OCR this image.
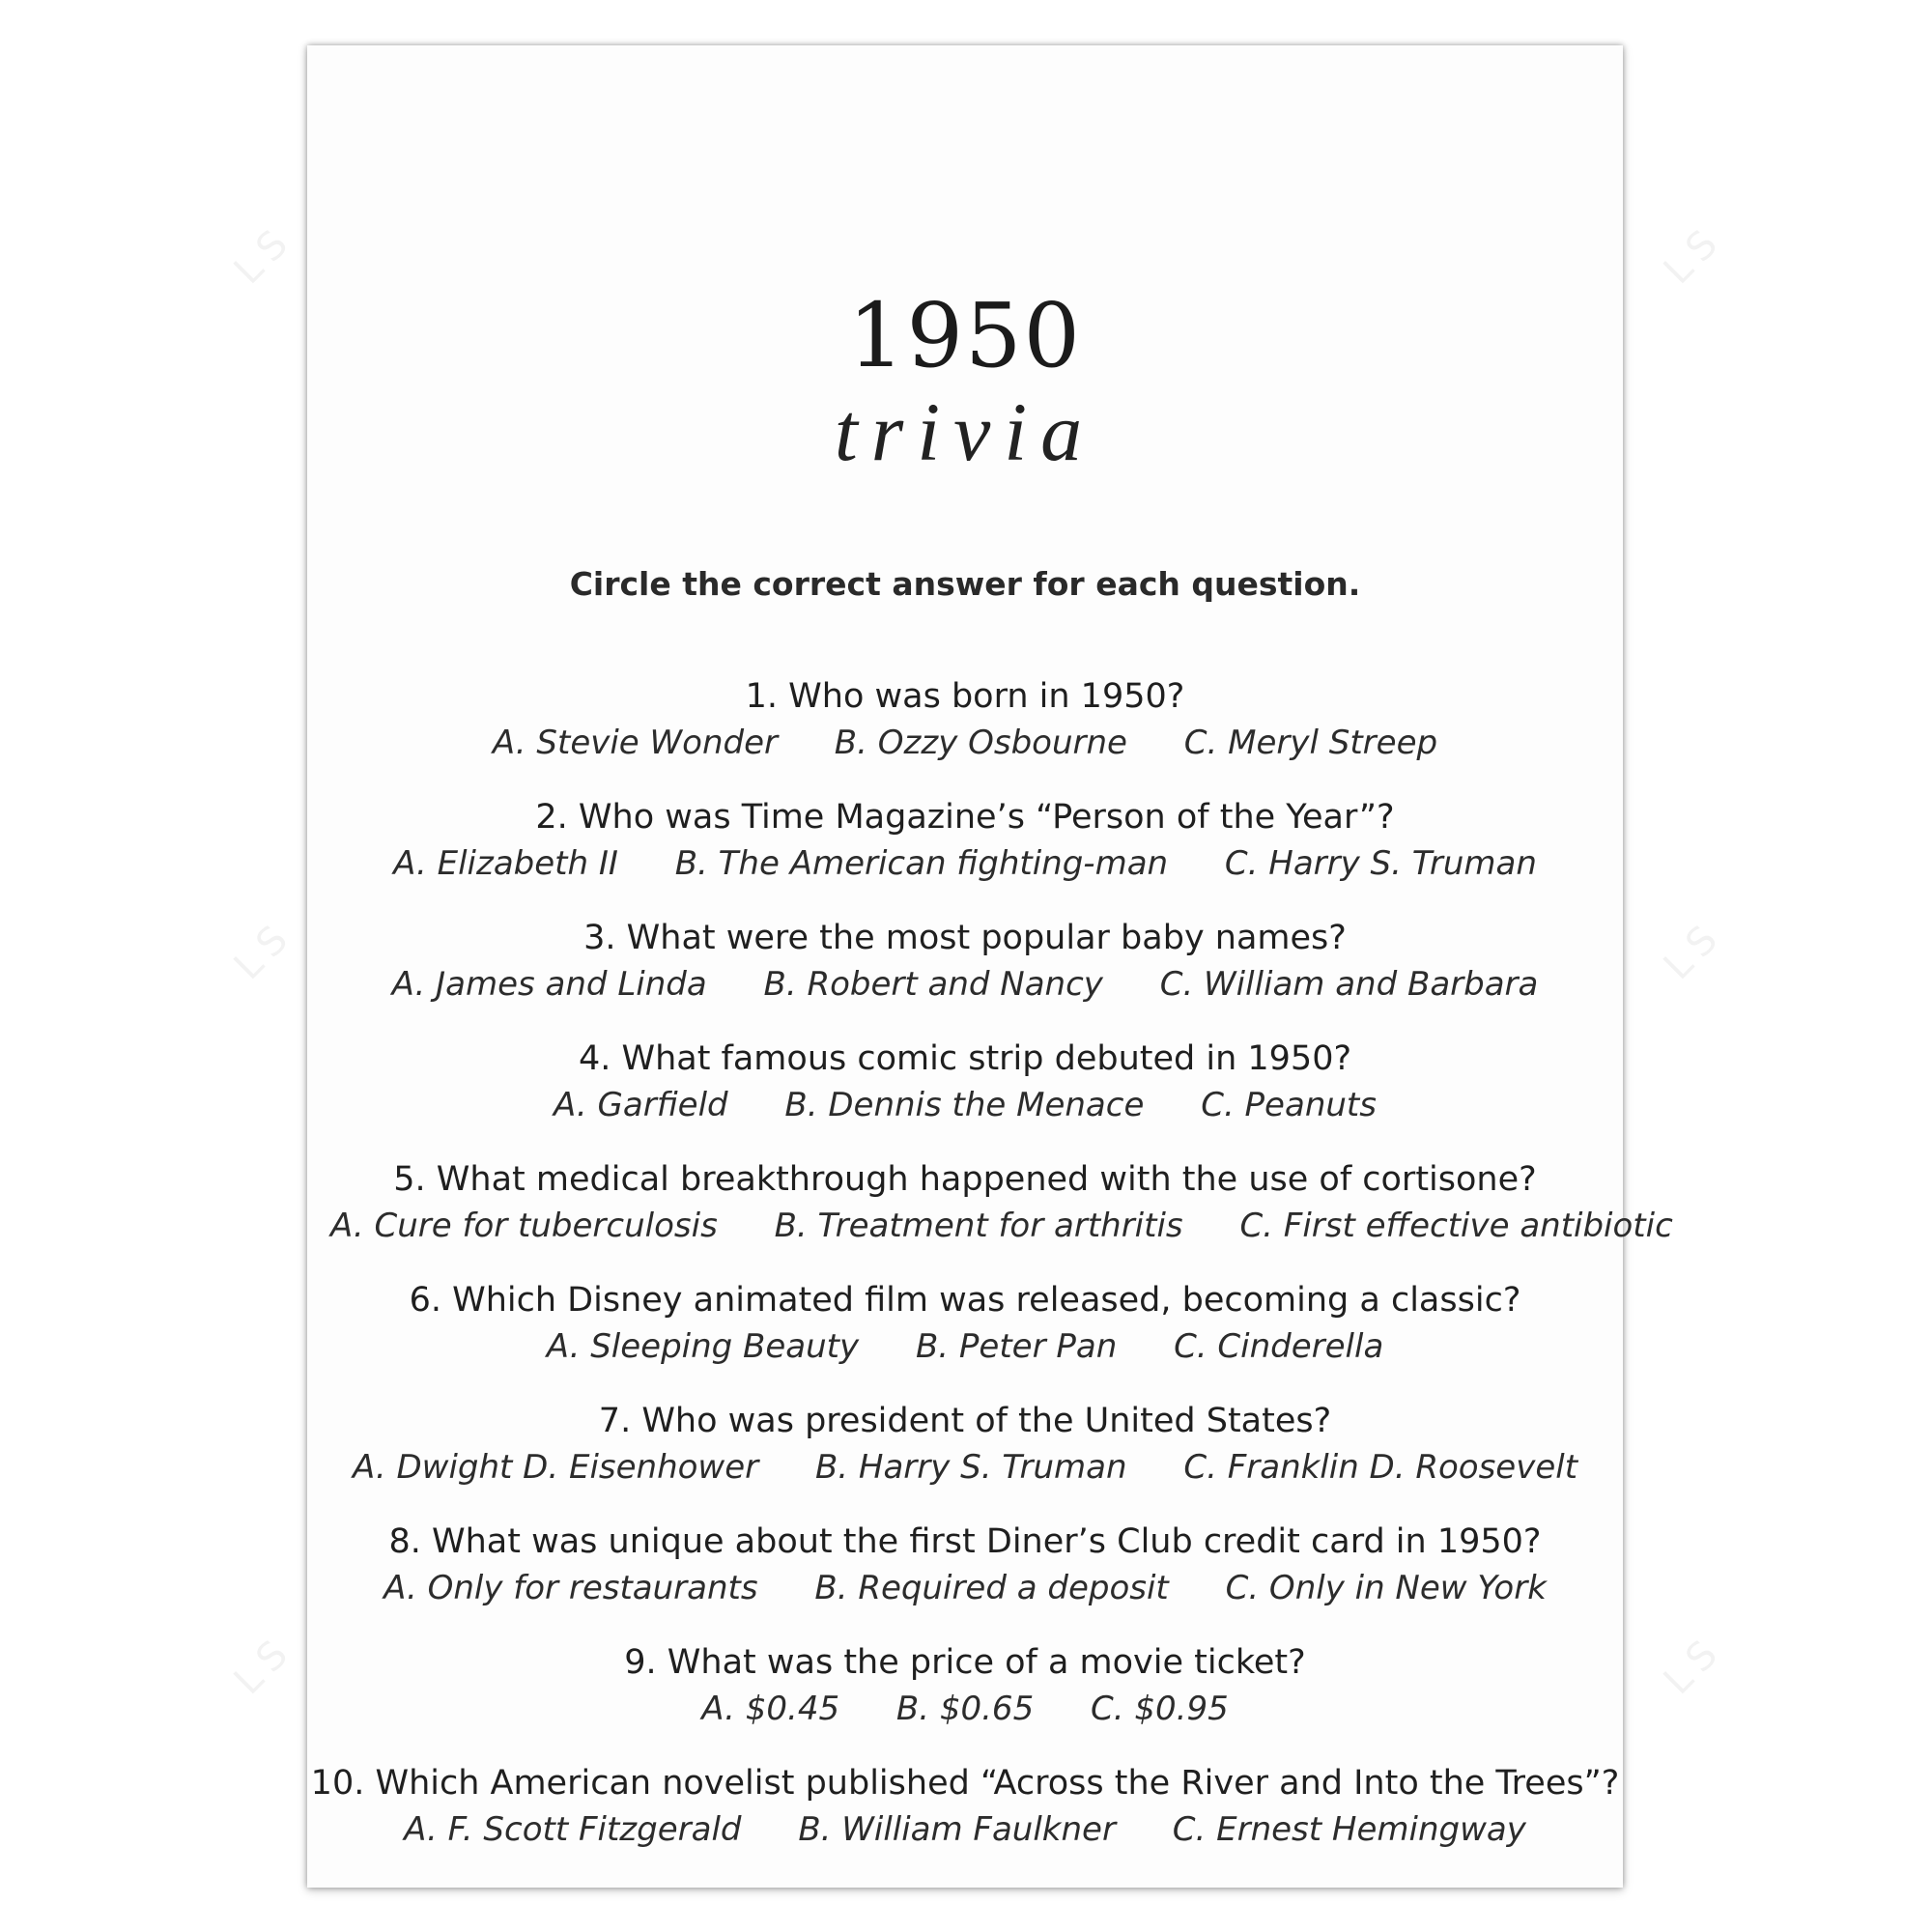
LS	LS
LS	LS
LS	LS
1950
trivia
Circle the correct answer for each question.
1. Who was born in 1950?
A. Stevie Wonder B. Ozzy Osbourne C. Meryl Streep
2. Who was Time Magazine’s “Person of the Year”?
A. Elizabeth II B. The American fighting-man C. Harry S. Truman
3. What were the most popular baby names?
A. James and Linda B. Robert and Nancy C. William and Barbara
4. What famous comic strip debuted in 1950?
A. Garfield B. Dennis the Menace C. Peanuts
5. What medical breakthrough happened with the use of cortisone?
A. Cure for tuberculosis B. Treatment for arthritis C. First effective antibiotic
6. Which Disney animated film was released, becoming a classic?
A. Sleeping Beauty B. Peter Pan C. Cinderella
7. Who was president of the United States?
A. Dwight D. Eisenhower B. Harry S. Truman C. Franklin D. Roosevelt
8. What was unique about the first Diner’s Club credit card in 1950?
A. Only for restaurants B. Required a deposit C. Only in New York
9. What was the price of a movie ticket?
A. $0.45 B. $0.65 C. $0.95
10. Which American novelist published “Across the River and Into the Trees”?
A. F. Scott Fitzgerald B. William Faulkner C. Ernest Hemingway
